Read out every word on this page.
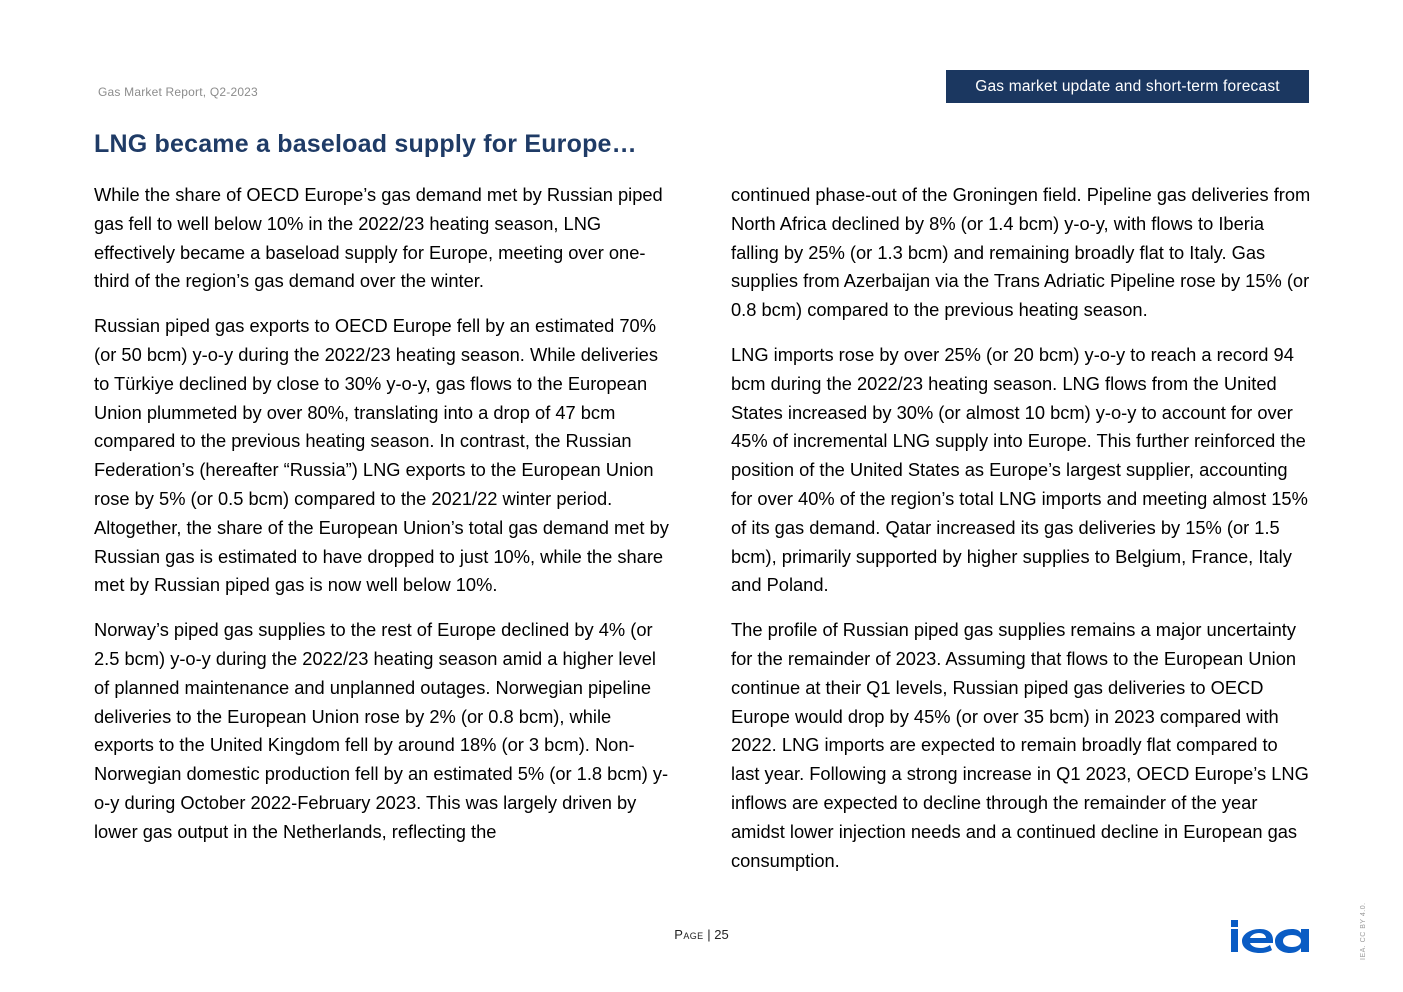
Gas Market Report, Q2-2023	Gas market update and short-term forecast
LNG became a baseload supply for Europe…

While the share of OECD Europe’s gas demand met by Russian piped gas fell to well below 10% in the 2022/23 heating season, LNG effectively became a baseload supply for Europe, meeting over one-third of the region’s gas demand over the winter.

Russian piped gas exports to OECD Europe fell by an estimated 70% (or 50 bcm) y-o-y during the 2022/23 heating season. While deliveries to Türkiye declined by close to 30% y-o-y, gas flows to the European Union plummeted by over 80%, translating into a drop of 47 bcm compared to the previous heating season. In contrast, the Russian Federation’s (hereafter “Russia”) LNG exports to the European Union rose by 5% (or 0.5 bcm) compared to the 2021/22 winter period. Altogether, the share of the European Union’s total gas demand met by Russian gas is estimated to have dropped to just 10%, while the share met by Russian piped gas is now well below 10%.

Norway’s piped gas supplies to the rest of Europe declined by 4% (or 2.5 bcm) y-o-y during the 2022/23 heating season amid a higher level of planned maintenance and unplanned outages. Norwegian pipeline deliveries to the European Union rose by 2% (or 0.8 bcm), while exports to the United Kingdom fell by around 18% (or 3 bcm). Non-Norwegian domestic production fell by an estimated 5% (or 1.8 bcm) y-o-y during October 2022-February 2023. This was largely driven by lower gas output in the Netherlands, reflecting the

continued phase-out of the Groningen field. Pipeline gas deliveries from North Africa declined by 8% (or 1.4 bcm) y-o-y, with flows to Iberia falling by 25% (or 1.3 bcm) and remaining broadly flat to Italy. Gas supplies from Azerbaijan via the Trans Adriatic Pipeline rose by 15% (or 0.8 bcm) compared to the previous heating season.

LNG imports rose by over 25% (or 20 bcm) y-o-y to reach a record 94 bcm during the 2022/23 heating season. LNG flows from the United States increased by 30% (or almost 10 bcm) y-o-y to account for over 45% of incremental LNG supply into Europe. This further reinforced the position of the United States as Europe’s largest supplier, accounting for over 40% of the region’s total LNG imports and meeting almost 15% of its gas demand. Qatar increased its gas deliveries by 15% (or 1.5 bcm), primarily supported by higher supplies to Belgium, France, Italy and Poland.

The profile of Russian piped gas supplies remains a major uncertainty for the remainder of 2023. Assuming that flows to the European Union continue at their Q1 levels, Russian piped gas deliveries to OECD Europe would drop by 45% (or over 35 bcm) in 2023 compared with 2022. LNG imports are expected to remain broadly flat compared to last year. Following a strong increase in Q1 2023, OECD Europe’s LNG inflows are expected to decline through the remainder of the year amidst lower injection needs and a continued decline in European gas consumption.

Page | 25	IEA. CC BY 4.0.
